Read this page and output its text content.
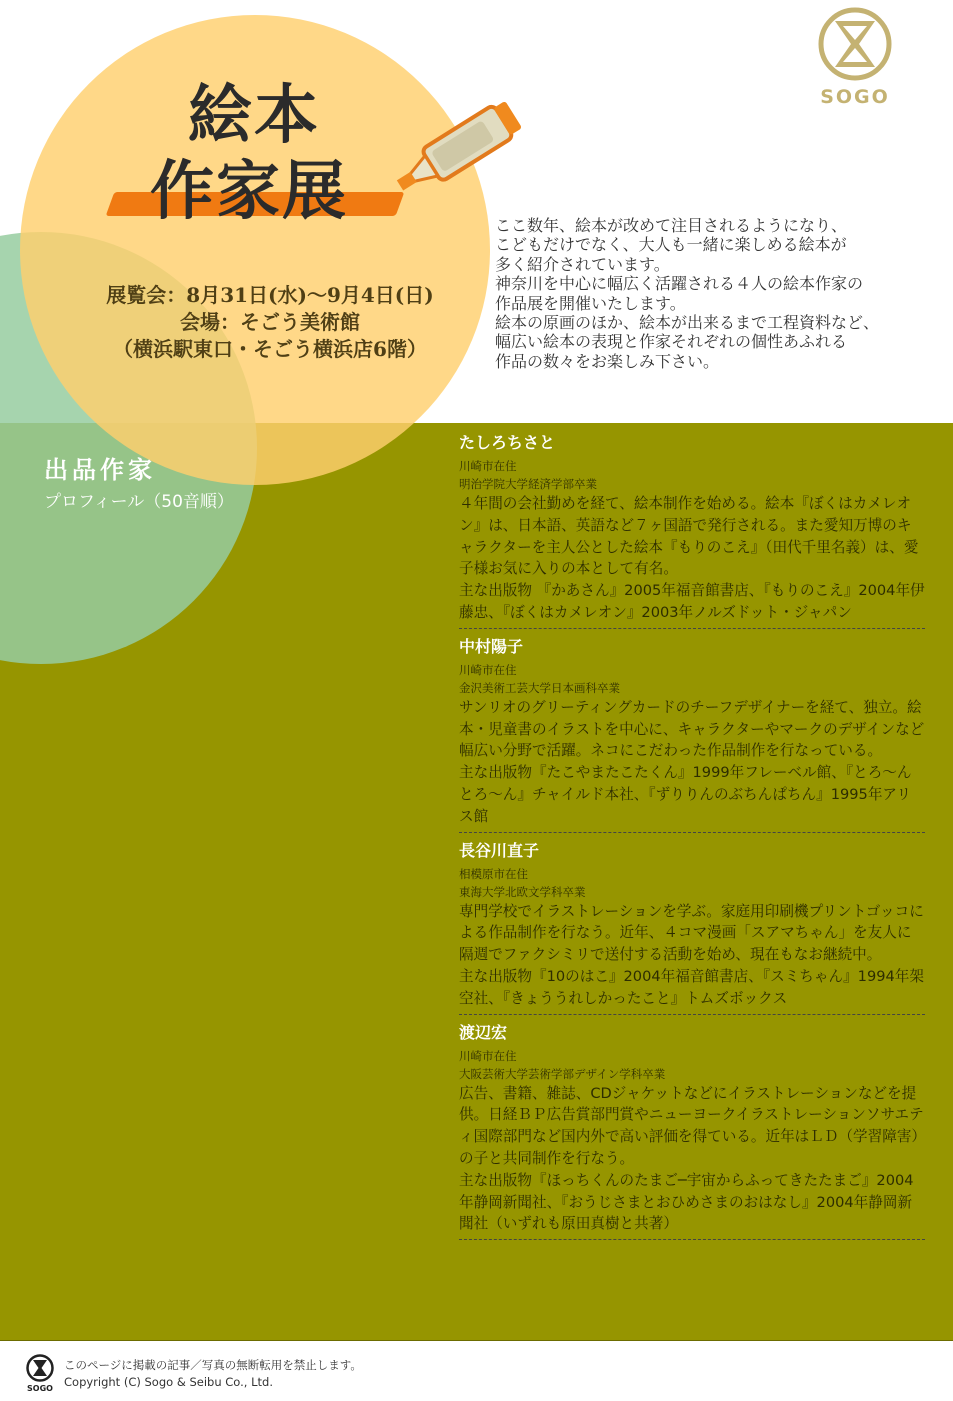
絵本
作家展
SOGO
展覧会：8月31日(水)〜9月4日(日)
会場：そごう美術館
（横浜駅東口・そごう横浜店6階）
ここ数年、絵本が改めて注目されるようになり、
こどもだけでなく、大人も一緒に楽しめる絵本が
多く紹介されています。
神奈川を中心に幅広く活躍される４人の絵本作家の
作品展を開催いたします。
絵本の原画のほか、絵本が出来るまで工程資料など、
幅広い絵本の表現と作家それぞれの個性あふれる
作品の数々をお楽しみ下さい。
出品作家
プロフィール（50音順）
たしろちさと
川崎市在住
明治学院大学経済学部卒業
４年間の会社勤めを経て、絵本制作を始める。絵本『ぼくはカメレオン』は、日本語、英語など７ヶ国語で発行される。また愛知万博のキャラクターを主人公とした絵本『もりのこえ』（田代千里名義）は、愛子様お気に入りの本として有名。
主な出版物 『かあさん』2005年福音館書店、『もりのこえ』2004年伊藤忠、『ぼくはカメレオン』2003年ノルズドット・ジャパン
中村陽子
川崎市在住
金沢美術工芸大学日本画科卒業
サンリオのグリーティングカードのチーフデザイナーを経て、独立。絵本・児童書のイラストを中心に、キャラクターやマークのデザインなど幅広い分野で活躍。ネコにこだわった作品制作を行なっている。
主な出版物『たこやまたこたくん』1999年フレーベル館、『とろ〜んとろ〜ん』チャイルド本社、『ずりりんのぶちんぱちん』1995年アリス館
長谷川直子
相模原市在住
東海大学北欧文学科卒業
専門学校でイラストレーションを学ぶ。家庭用印刷機プリントゴッコによる作品制作を行なう。近年、４コマ漫画「スアマちゃん」を友人に隔週でファクシミリで送付する活動を始め、現在もなお継続中。
主な出版物『10のはこ』2004年福音館書店、『スミちゃん』1994年架空社、『きょううれしかったこと』トムズボックス
渡辺宏
川崎市在住
大阪芸術大学芸術学部デザイン学科卒業
広告、書籍、雑誌、CDジャケットなどにイラストレーションなどを提供。日経ＢＰ広告賞部門賞やニューヨークイラストレーションソサエティ国際部門など国内外で高い評価を得ている。近年はＬＤ（学習障害）の子と共同制作を行なう。
主な出版物『ほっちくんのたまご─宇宙からふってきたたまご』2004年静岡新聞社、『おうじさまとおひめさまのおはなし』2004年静岡新聞社（いずれも原田真樹と共著）
SOGO
このページに掲載の記事／写真の無断転用を禁止します。
Copyright (C) Sogo & Seibu Co., Ltd.
